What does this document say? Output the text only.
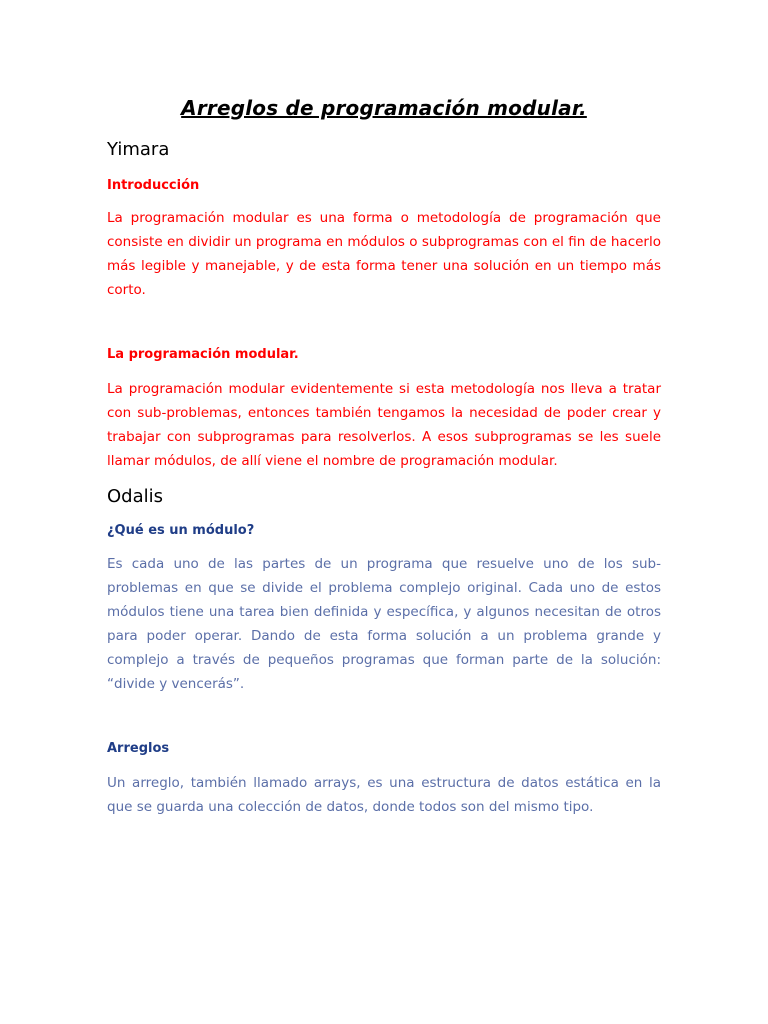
Arreglos de programación modular.
Yimara
Introducción
La programación modular es una forma o metodología de programación que consiste en dividir un programa en módulos o subprogramas con el fin de hacerlo más legible y manejable, y de esta forma tener una solución en un tiempo más corto.
La programación modular.
La programación modular evidentemente si esta metodología nos lleva a tratar con sub-problemas, entonces también tengamos la necesidad de poder crear y trabajar con subprogramas para resolverlos. A esos subprogramas se les suele llamar módulos, de allí viene el nombre de programación modular.
Odalis
¿Qué es un módulo?
Es cada uno de las partes de un programa que resuelve uno de los sub-problemas en que se divide el problema complejo original. Cada uno de estos módulos tiene una tarea bien definida y específica, y algunos necesitan de otros para poder operar. Dando de esta forma solución a un problema grande y complejo a través de pequeños programas que forman parte de la solución: “divide y vencerás”.
Arreglos
Un arreglo, también llamado arrays, es una estructura de datos estática en la que se guarda una colección de datos, donde todos son del mismo tipo.
